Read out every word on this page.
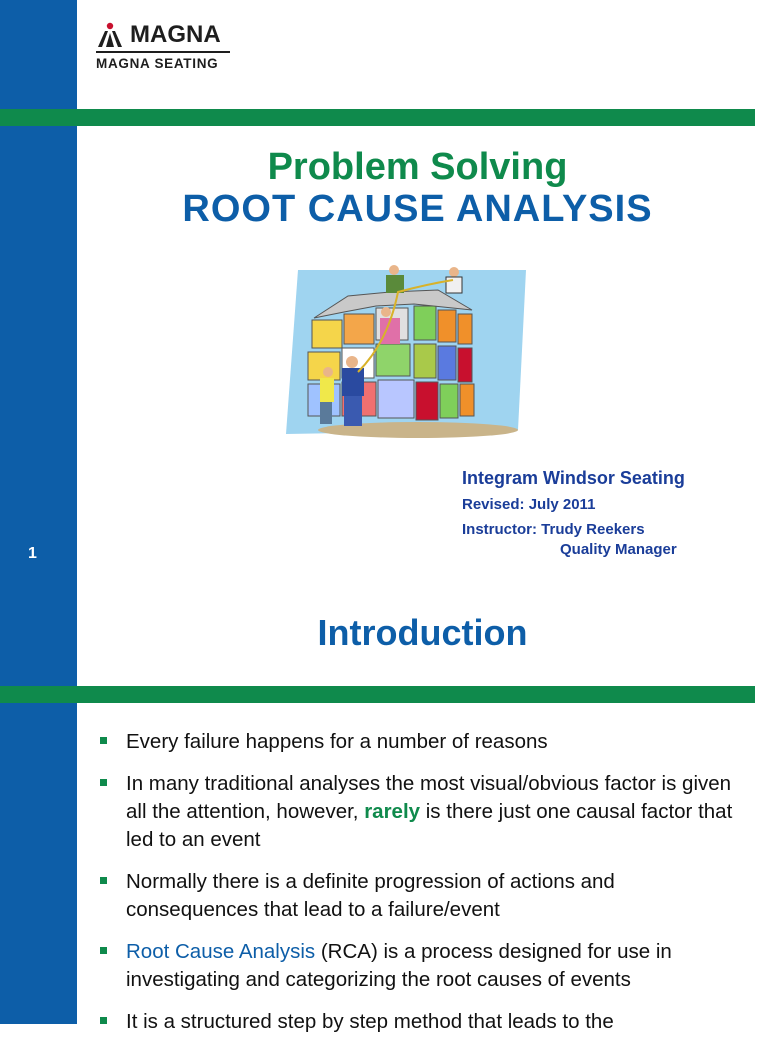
1
MAGNA
MAGNA SEATING
Problem Solving
ROOT CAUSE ANALYSIS
Integram Windsor Seating
Revised: July 2011
Instructor: Trudy Reekers
Quality Manager
Introduction
Every failure happens for a number of reasons
In many traditional analyses the most visual/obvious factor is given all the attention, however, rarely is there just one causal factor that led to an event
Normally there is a definite progression of actions and consequences that lead to a failure/event
Root Cause Analysis (RCA) is a process designed for use in investigating and categorizing the root causes of events
It is a structured step by step method that leads to the
